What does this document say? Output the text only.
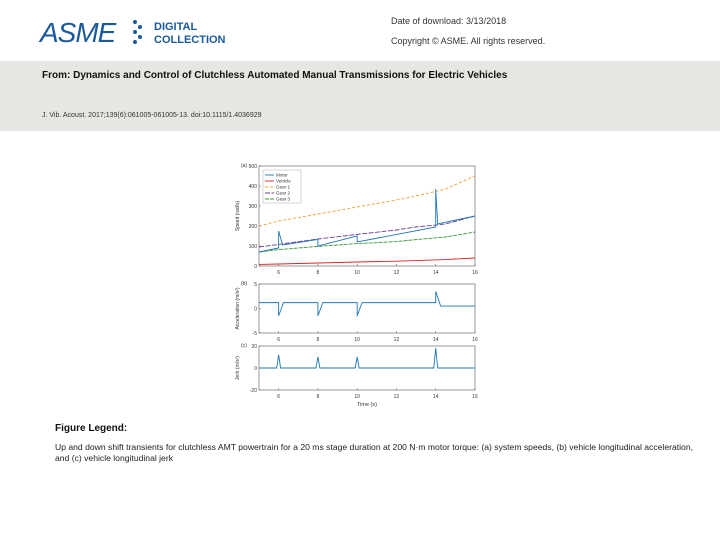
ASME	DIGITAL
COLLECTION
Date of download: 3/13/2018
Copyright © ASME. All rights reserved.
From: Dynamics and Control of Clutchless Automated Manual Transmissions for Electric Vehicles
J. Vib. Acoust. 2017;139(6):061005-061005-13. doi:10.1115/1.4036929
6	8	10	12	14	16
0
100
200
300
400
500
(a)
Speed (rad/s)
Motor
Vehicle
Gear 1
Gear 2
Gear 3
6	8	10	12	14	16
5
0
-5
(b)
Acceleration (m/s²)
6	8	10	12	14	16
20
0
-20
(c)
Jerk (m/s³)
Time (s)
Figure Legend:
Up and down shift transients for clutchless AMT powertrain for a 20 ms stage duration at 200 N·m motor torque: (a) system speeds, (b) vehicle longitudinal acceleration, and (c) vehicle longitudinal jerk
